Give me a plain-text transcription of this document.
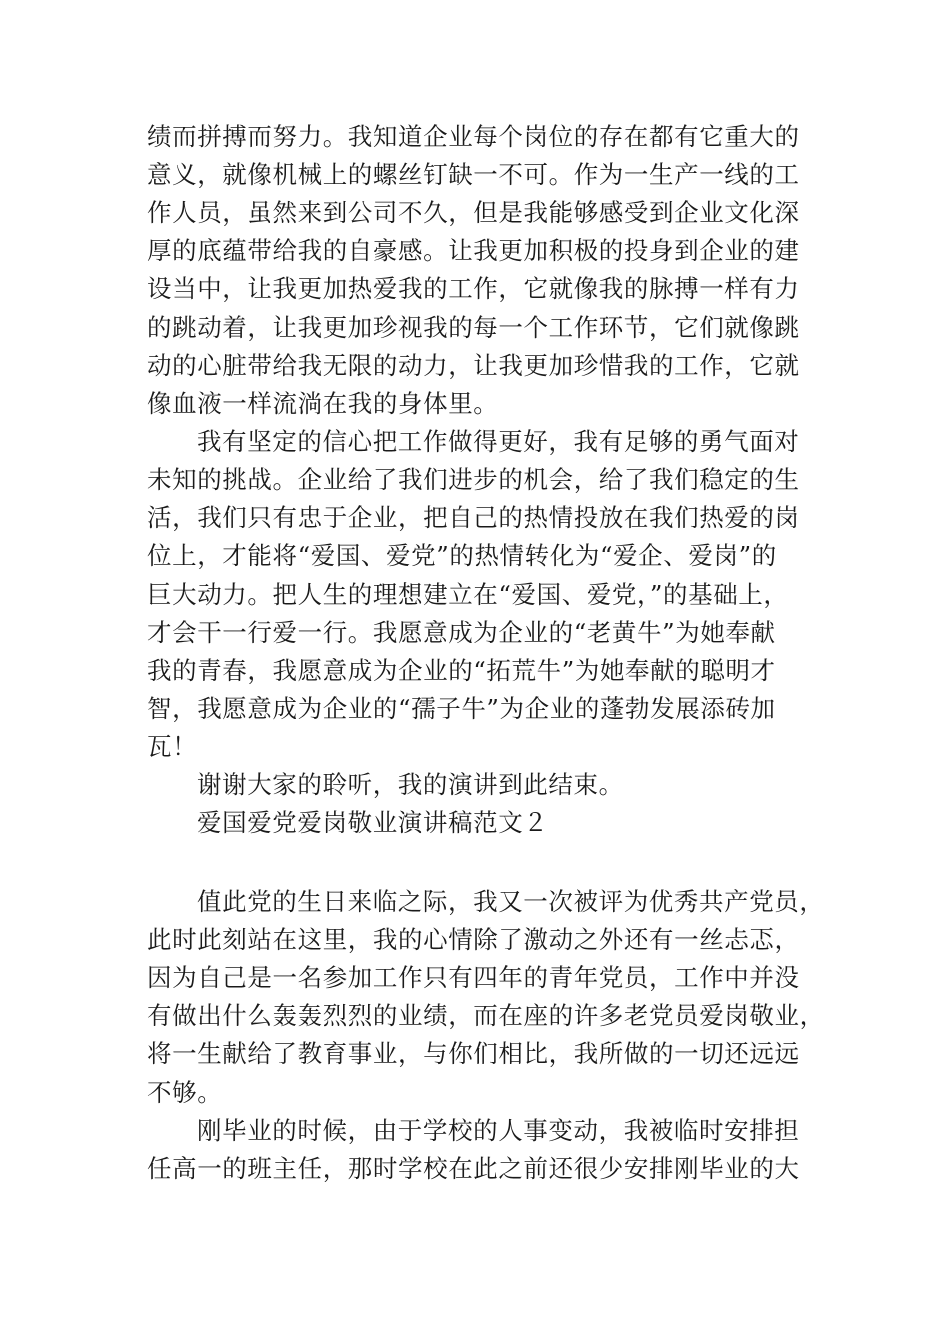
绩而拼搏而努力。我知道企业每个岗位的存在都有它重大的
意义，就像机械上的螺丝钉缺一不可。作为一生产一线的工
作人员，虽然来到公司不久，但是我能够感受到企业文化深
厚的底蕴带给我的自豪感。让我更加积极的投身到企业的建
设当中，让我更加热爱我的工作，它就像我的脉搏一样有力
的跳动着，让我更加珍视我的每一个工作环节，它们就像跳
动的心脏带给我无限的动力，让我更加珍惜我的工作，它就
像血液一样流淌在我的身体里。
我有坚定的信心把工作做得更好，我有足够的勇气面对
未知的挑战。企业给了我们进步的机会，给了我们稳定的生
活，我们只有忠于企业，把自己的热情投放在我们热爱的岗
位上，才能将“爱国、爱党”的热情转化为“爱企、爱岗”的
巨大动力。把人生的理想建立在“爱国、爱党，”的基础上，
才会干一行爱一行。我愿意成为企业的“老黄牛”为她奉献
我的青春，我愿意成为企业的“拓荒牛”为她奉献的聪明才
智，我愿意成为企业的“孺子牛”为企业的蓬勃发展添砖加
瓦！
谢谢大家的聆听，我的演讲到此结束。
爱国爱党爱岗敬业演讲稿范文２
值此党的生日来临之际，我又一次被评为优秀共产党员，
此时此刻站在这里，我的心情除了激动之外还有一丝忐忑，
因为自己是一名参加工作只有四年的青年党员，工作中并没
有做出什么轰轰烈烈的业绩，而在座的许多老党员爱岗敬业，
将一生献给了教育事业，与你们相比，我所做的一切还远远
不够。
刚毕业的时候，由于学校的人事变动，我被临时安排担
任高一的班主任，那时学校在此之前还很少安排刚毕业的大
